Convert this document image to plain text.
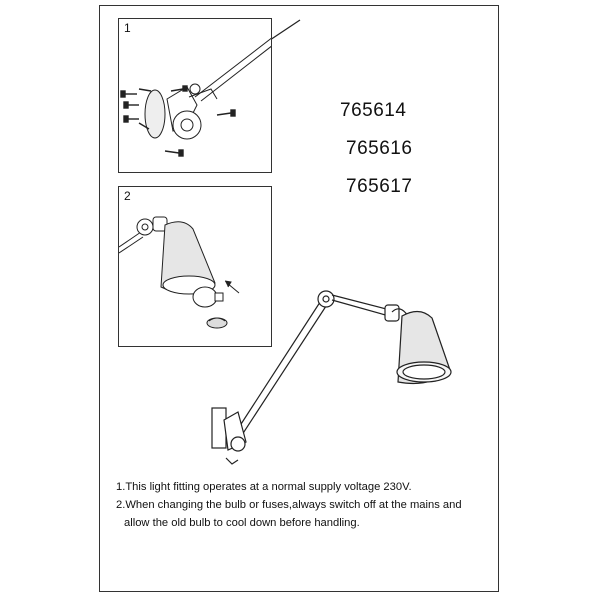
1
2
765614
765616
765617

1.This light fitting operates at a normal supply voltage 230V.

2.When changing the bulb or fuses,always switch off at the mains and

allow the old bulb to cool down before handling.
